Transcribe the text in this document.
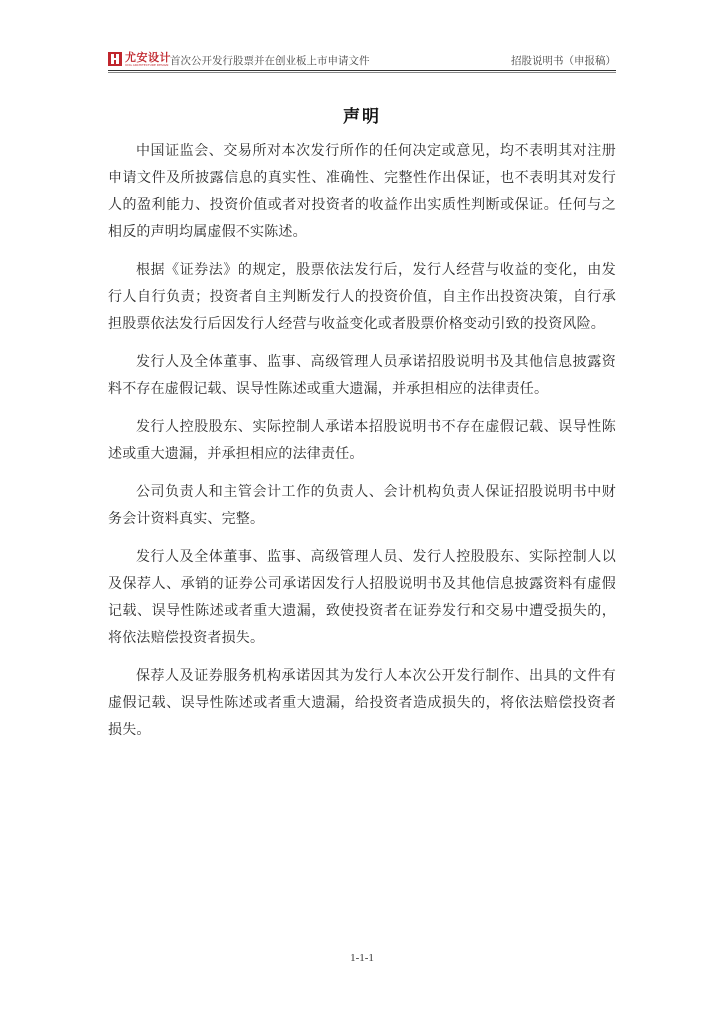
尤安设计
UDG ARCHITECTURE DESIGN 首次公开发行股票并在创业板上市申请文件	招股说明书（申报稿）
声明

中国证监会、交易所对本次发行所作的任何决定或意见，均不表明其对注册申请文件及所披露信息的真实性、准确性、完整性作出保证，也不表明其对发行人的盈利能力、投资价值或者对投资者的收益作出实质性判断或保证。任何与之相反的声明均属虚假不实陈述。

根据《证券法》的规定，股票依法发行后，发行人经营与收益的变化，由发行人自行负责；投资者自主判断发行人的投资价值，自主作出投资决策，自行承担股票依法发行后因发行人经营与收益变化或者股票价格变动引致的投资风险。

发行人及全体董事、监事、高级管理人员承诺招股说明书及其他信息披露资料不存在虚假记载、误导性陈述或重大遗漏，并承担相应的法律责任。

发行人控股股东、实际控制人承诺本招股说明书不存在虚假记载、误导性陈述或重大遗漏，并承担相应的法律责任。

公司负责人和主管会计工作的负责人、会计机构负责人保证招股说明书中财务会计资料真实、完整。

发行人及全体董事、监事、高级管理人员、发行人控股股东、实际控制人以及保荐人、承销的证券公司承诺因发行人招股说明书及其他信息披露资料有虚假记载、误导性陈述或者重大遗漏，致使投资者在证券发行和交易中遭受损失的，将依法赔偿投资者损失。

保荐人及证券服务机构承诺因其为发行人本次公开发行制作、出具的文件有虚假记载、误导性陈述或者重大遗漏，给投资者造成损失的，将依法赔偿投资者损失。

1-1-1
